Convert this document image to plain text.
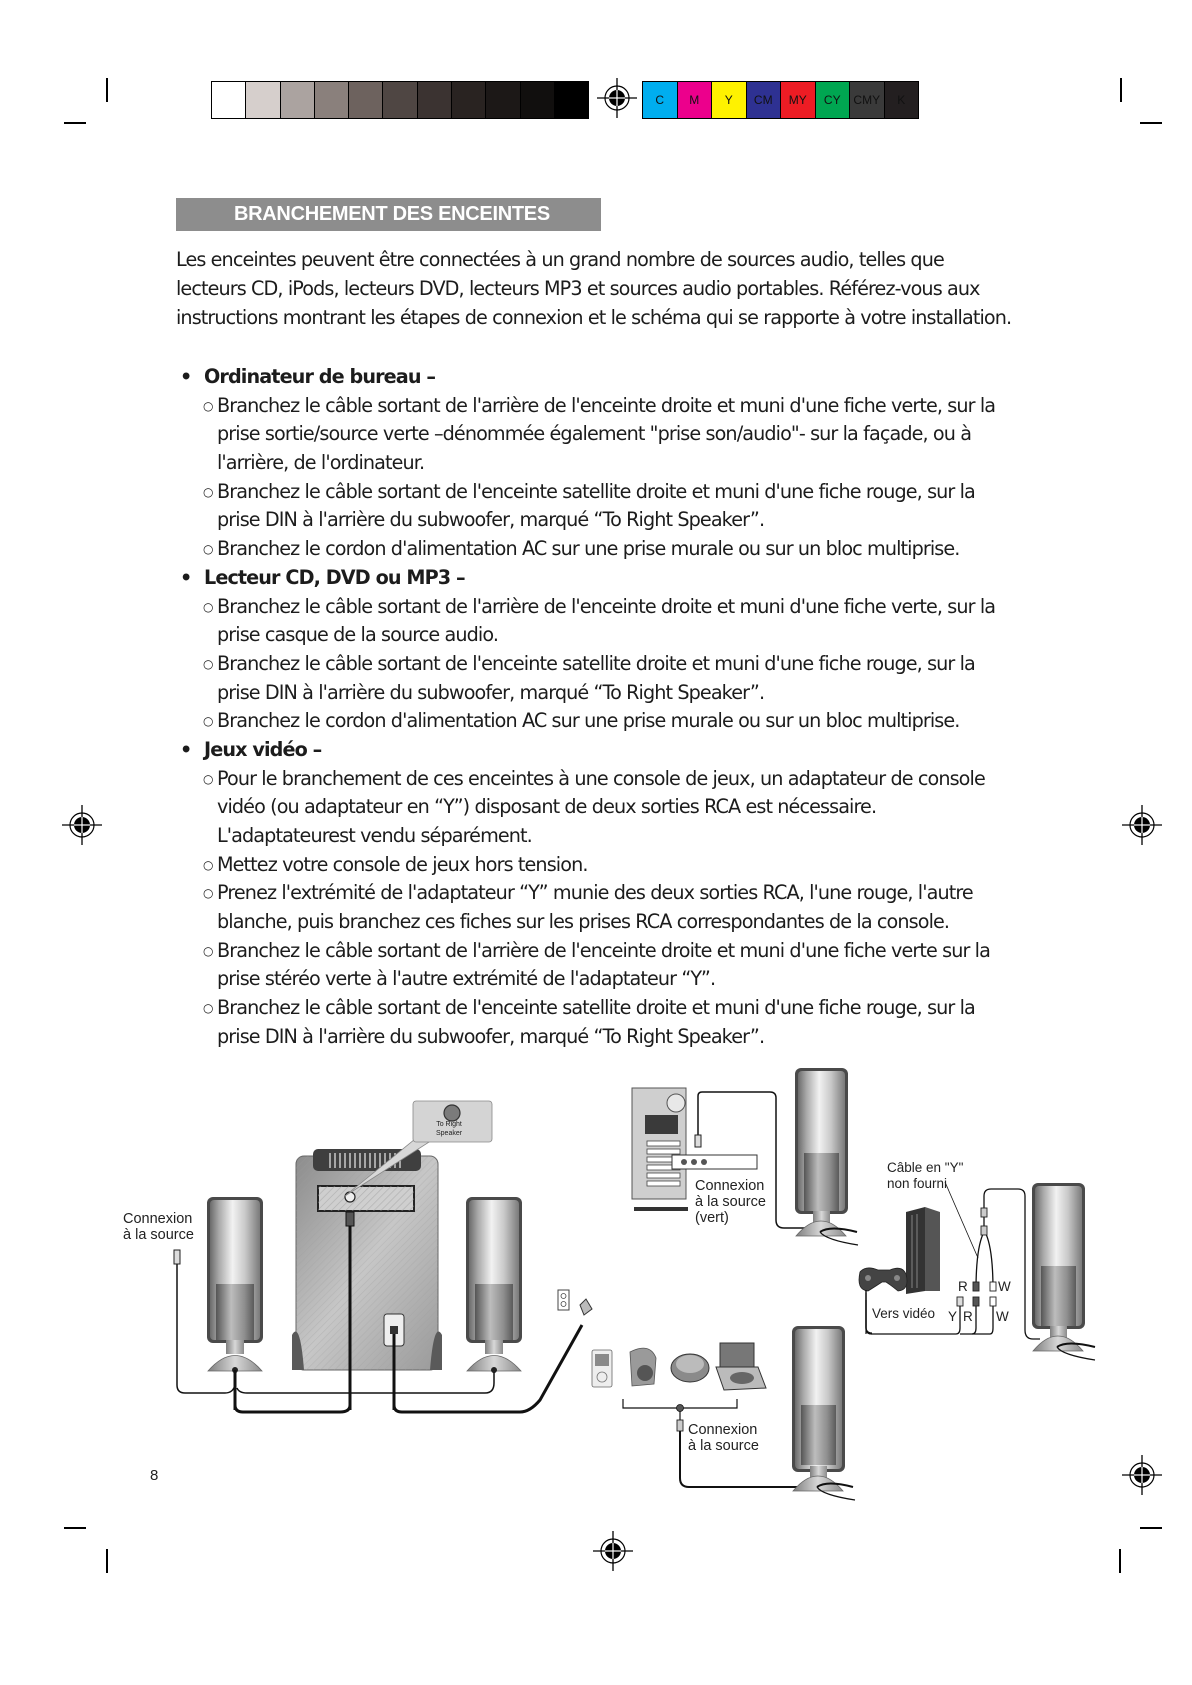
C	M	Y	CM	MY	CY	CMY	K
BRANCHEMENT DES ENCEINTES
Les enceintes peuvent être connectées à un grand nombre de sources audio, telles que
lecteurs CD, iPods, lecteurs DVD, lecteurs MP3 et sources audio portables. Référez-vous aux
instructions montrant les étapes de connexion et le schéma qui se rapporte à votre installation.
• Ordinateur de bureau –
○ Branchez le câble sortant de l'arrière de l'enceinte droite et muni d'une fiche verte, sur la
prise sortie/source verte –dénommée également "prise son/audio"- sur la façade, ou à
l'arrière, de l'ordinateur.
○ Branchez le câble sortant de l'enceinte satellite droite et muni d'une fiche rouge, sur la
prise DIN à l'arrière du subwoofer, marqué “To Right Speaker”.
○ Branchez le cordon d'alimentation AC sur une prise murale ou sur un bloc multiprise.
• Lecteur CD, DVD ou MP3 –
○ Branchez le câble sortant de l'arrière de l'enceinte droite et muni d'une fiche verte, sur la
prise casque de la source audio.
○ Branchez le câble sortant de l'enceinte satellite droite et muni d'une fiche rouge, sur la
prise DIN à l'arrière du subwoofer, marqué “To Right Speaker”.
○ Branchez le cordon d'alimentation AC sur une prise murale ou sur un bloc multiprise.
• Jeux vidéo –
○ Pour le branchement de ces enceintes à une console de jeux, un adaptateur de console
vidéo (ou adaptateur en “Y”) disposant de deux sorties RCA est nécessaire.
L'adaptateurest vendu séparément.
○ Mettez votre console de jeux hors tension.
○ Prenez l'extrémité de l'adaptateur “Y” munie des deux sorties RCA, l'une rouge, l'autre
blanche, puis branchez ces fiches sur les prises RCA correspondantes de la console.
○ Branchez le câble sortant de l'arrière de l'enceinte droite et muni d'une fiche verte sur la
prise stéréo verte à l'autre extrémité de l'adaptateur “Y”.
○ Branchez le câble sortant de l'enceinte satellite droite et muni d'une fiche rouge, sur la
prise DIN à l'arrière du subwoofer, marqué “To Right Speaker”.
Connexion
à la source
To Right
Speaker
Connexion
à la source
(vert)
Câble en "Y"
non fourni
Vers vidéo
R W
Y R W
Connexion
à la source
8
